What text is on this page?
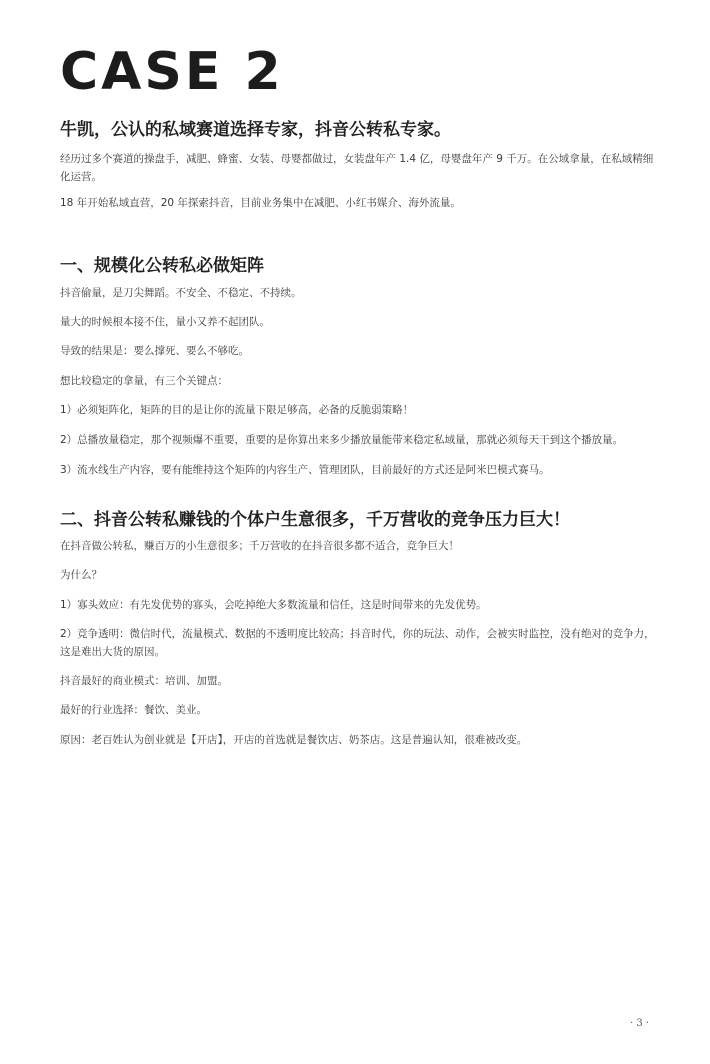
CASE 2
牛凯，公认的私域赛道选择专家，抖音公转私专家。

经历过多个赛道的操盘手，减肥、蜂蜜、女装、母婴都做过，女装盘年产 1.4 亿，母婴盘年产 9 千万。在公域拿量，在私域精细化运营。

18 年开始私域直营，20 年探索抖音，目前业务集中在减肥、小红书媒介、海外流量。

一、规模化公转私必做矩阵

抖音偷量，是刀尖舞蹈。不安全、不稳定、不持续。

量大的时候根本接不住，量小又养不起团队。

导致的结果是：要么撑死、要么不够吃。

想比较稳定的拿量，有三个关键点：

1）必须矩阵化，矩阵的目的是让你的流量下限足够高，必备的反脆弱策略！

2）总播放量稳定，那个视频爆不重要，重要的是你算出来多少播放量能带来稳定私域量，那就必须每天干到这个播放量。

3）流水线生产内容，要有能维持这个矩阵的内容生产、管理团队，目前最好的方式还是阿米巴模式赛马。

二、抖音公转私赚钱的个体户生意很多，千万营收的竞争压力巨大！

在抖音做公转私，赚百万的小生意很多；千万营收的在抖音很多都不适合，竞争巨大！

为什么？

1）寡头效应：有先发优势的寡头，会吃掉绝大多数流量和信任，这是时间带来的先发优势。

2）竞争透明：微信时代，流量模式、数据的不透明度比较高；抖音时代，你的玩法、动作，会被实时监控，没有绝对的竞争力，这是难出大货的原因。

抖音最好的商业模式：培训、加盟。

最好的行业选择：餐饮、美业。

原因：老百姓认为创业就是【开店】，开店的首选就是餐饮店、奶茶店。这是普遍认知，很难被改变。

· 3 ·
